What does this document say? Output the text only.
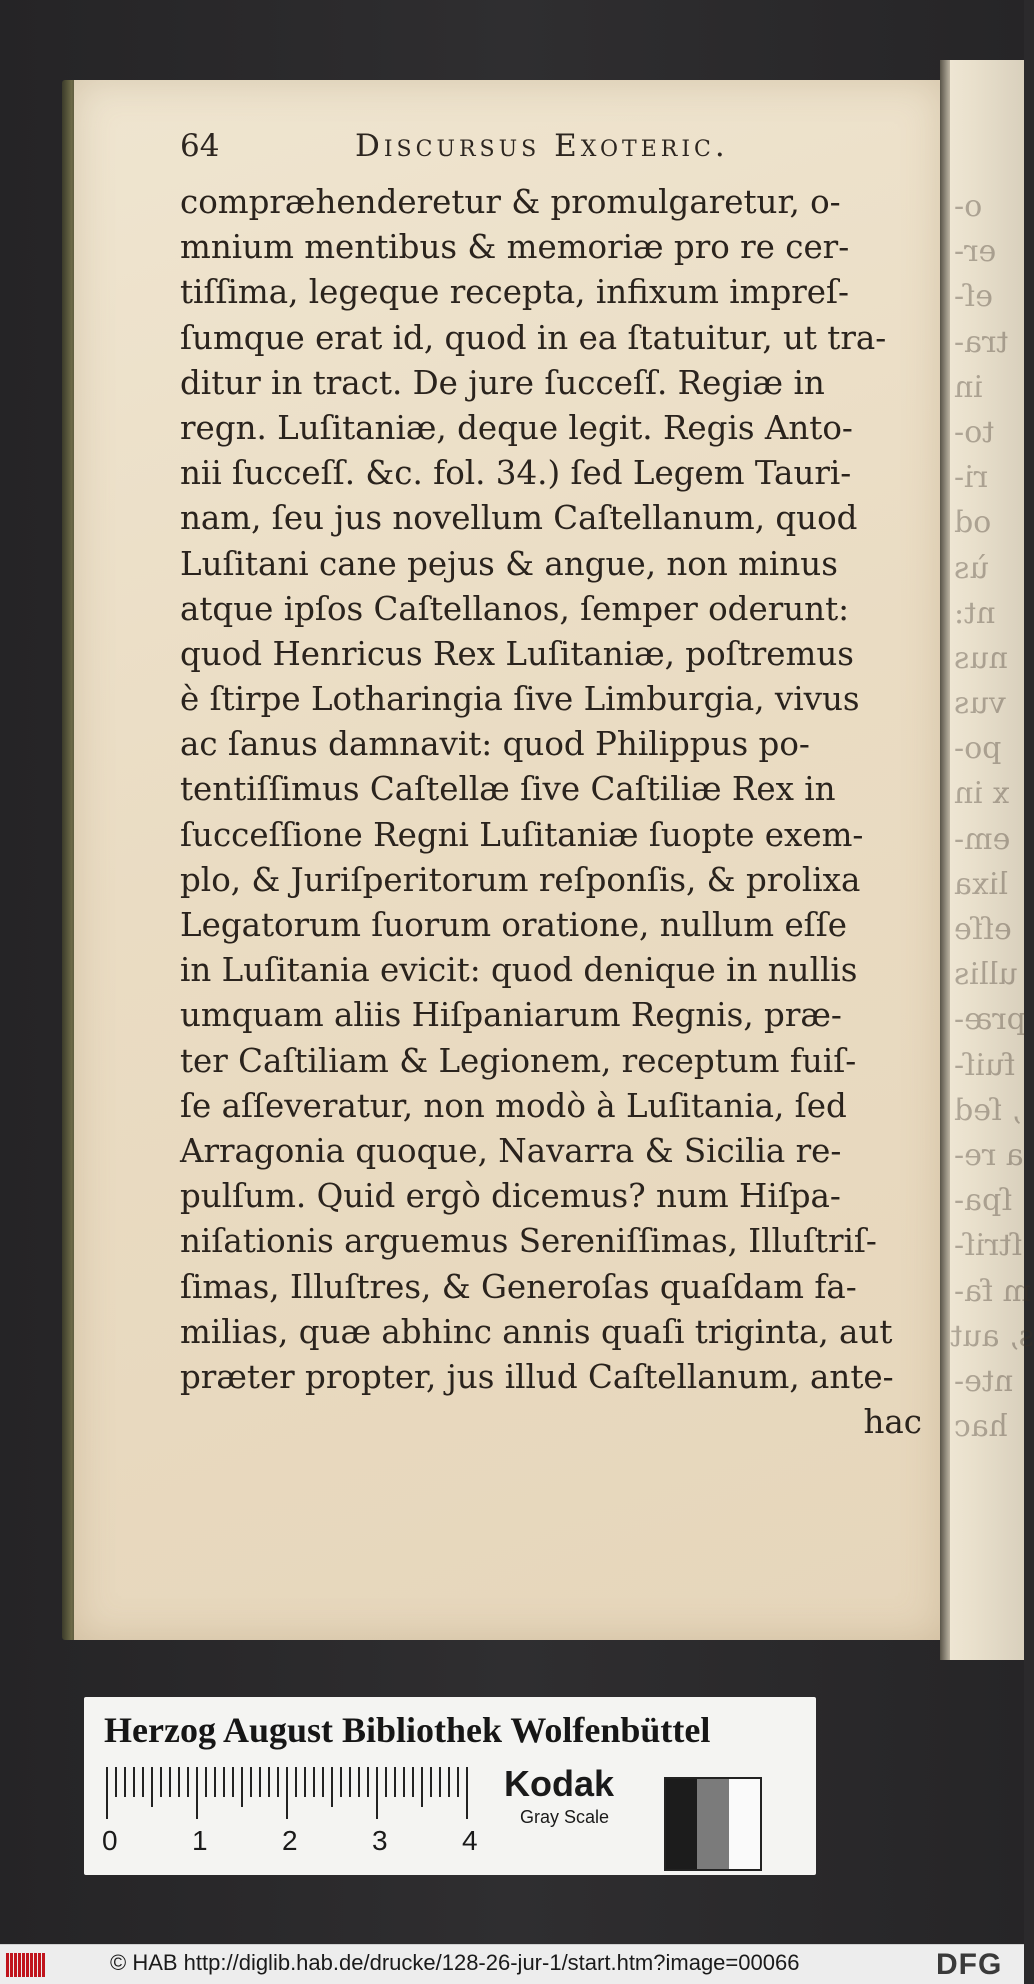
o-
er-
eſ-
tra-
in
to-
ri-
od
ùs
nt:
nus
vus
po-
x in
em-
lixa
eſſe
ullis
præ-
fuiſ-
, ſed
a re-
ſpa-
ſtriſ-
m fa-
s, aut
nte-
hac
64	Discursus Exoteric.
compræhenderetur & promulgaretur, o-
mnium mentibus & memoriæ pro re cer-
tiſſima, legeque recepta, infixum impreſ-
ſumque erat id, quod in ea ſtatuitur, ut tra-
ditur in tract. De jure ſucceſſ. Regiæ in
regn. Luſitaniæ, deque legit. Regis Anto-
nii ſucceſſ. &c. fol. 34.) ſed Legem Tauri-
nam, ſeu jus novellum Caſtellanum, quod
Luſitani cane pejus & angue, non minus
atque ipſos Caſtellanos, ſemper oderunt:
quod Henricus Rex Luſitaniæ, poſtremus
è ſtirpe Lotharingia ſive Limburgia, vivus
ac ſanus damnavit: quod Philippus po-
tentiſſimus Caſtellæ ſive Caſtiliæ Rex in
ſucceſſione Regni Luſitaniæ ſuopte exem-
plo, & Juriſperitorum reſponſis, & prolixa
Legatorum ſuorum oratione, nullum eſſe
in Luſitania evicit: quod denique in nullis
umquam aliis Hiſpaniarum Regnis, præ-
ter Caſtiliam & Legionem, receptum fuiſ-
ſe aſſeveratur, non modò à Luſitania, ſed
Arragonia quoque, Navarra & Sicilia re-
pulſum. Quid ergò dicemus? num Hiſpa-
niſationis arguemus Sereniſſimas, Illuſtriſ-
ſimas, Illuſtres, & Generoſas quaſdam fa-
milias, quæ abhinc annis quaſi triginta, aut
præter propter, jus illud Caſtellanum, ante-
hac
Herzog August Bibliothek Wolfenbüttel
0	1	2	3	4
Kodak
Gray Scale
© HAB http://diglib.hab.de/drucke/128-26-jur-1/start.htm?image=00066	DFG
